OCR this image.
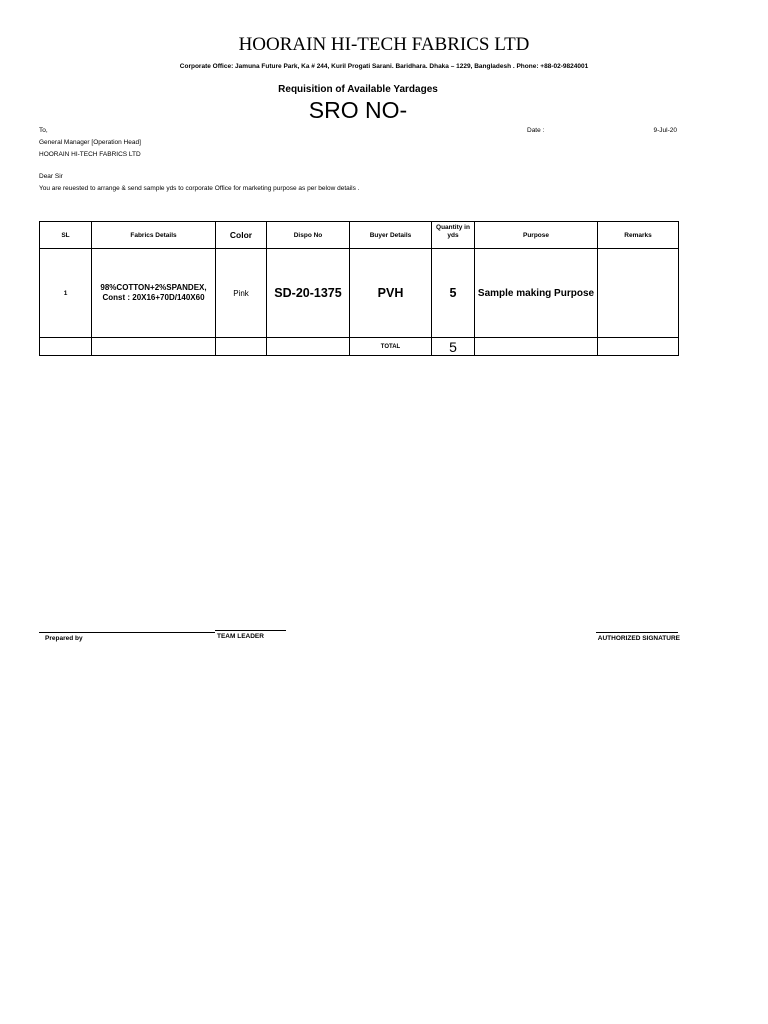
HOORAIN HI-TECH FABRICS LTD
Corporate Office: Jamuna Future Park, Ka # 244, Kuril Progati Sarani. Baridhara. Dhaka – 1229, Bangladesh . Phone: +88-02-9824001
Requisition of Available Yardages
SRO NO-
To,	Date :	9-Jul-20
General Manager [Operation Head]
HOORAIN HI-TECH FABRICS LTD
Dear Sir
You are reuested to arrange & send sample yds to corporate Office for marketing purpose as per below details .
SL	Fabrics Details	Color	Dispo No	Buyer Details	Quantity in
yds	Purpose	Remarks
1	98%COTTON+2%SPANDEX,
Const : 20X16+70D/140X60	Pink	SD-20-1375	PVH	5	Sample making Purpose	
				TOTAL	5		
Prepared by	TEAM LEADER	AUTHORIZED SIGNATURE
